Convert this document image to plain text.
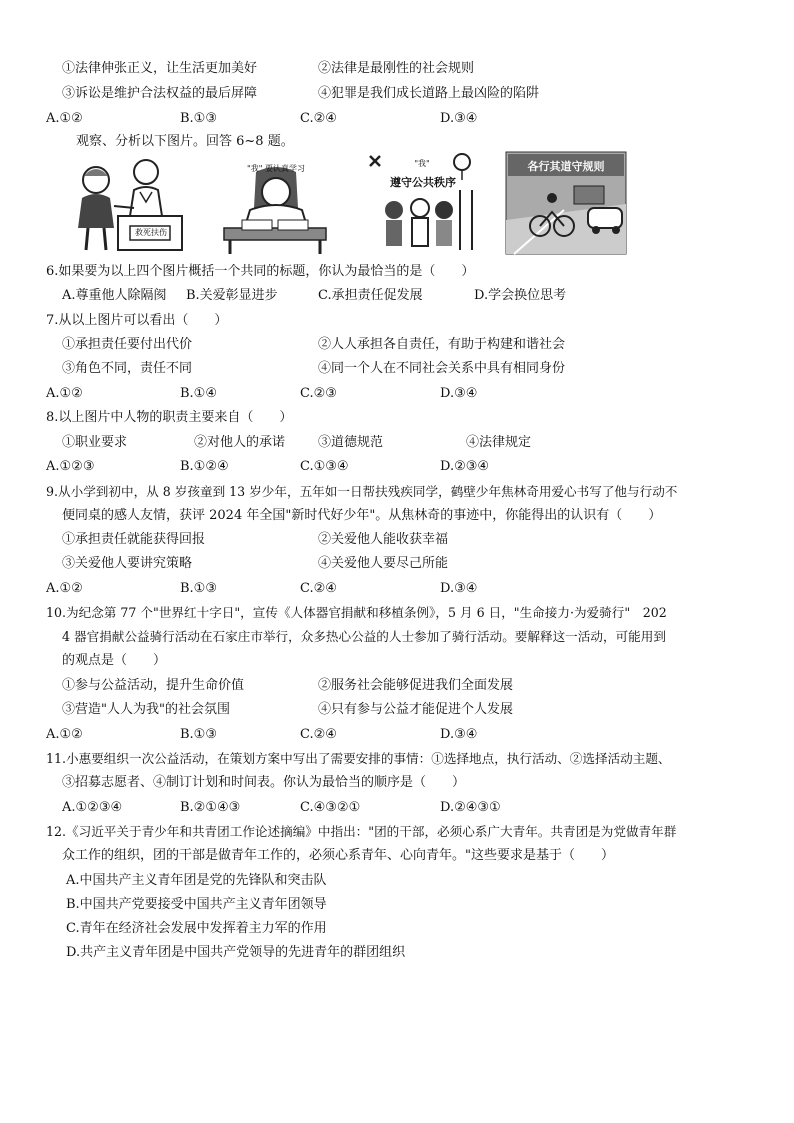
①法律伸张正义，让生活更加美好	②法律是最刚性的社会规则
③诉讼是维护合法权益的最后屏障	④犯罪是我们成长道路上最凶险的陷阱
A.①②	B.①③	C.②④	D.③④
观察、分析以下图片。回答 6~8 题。
救死扶伤
"我" 要认真学习
"我"
遵守公共秩序
各行其道守规则
6.如果要为以上四个图片概括一个共同的标题，你认为最恰当的是（　　）
A.尊重他人除隔阂 B.关爱彰显进步	C.承担责任促发展	D.学会换位思考
7.从以上图片可以看出（　　）
①承担责任要付出代价	②人人承担各自责任，有助于构建和谐社会
③角色不同，责任不同	④同一个人在不同社会关系中具有相同身份
A.①②	B.①④	C.②③	D.③④
8.以上图片中人物的职责主要来自（　　）
①职业要求	②对他人的承诺	③道德规范	④法律规定
A.①②③	B.①②④	C.①③④	D.②③④
9.从小学到初中，从 8 岁孩童到 13 岁少年，五年如一日帮扶残疾同学，鹤壁少年焦林奇用爱心书写了他与行动不
便同桌的感人友情，获评 2024 年全国"新时代好少年"。从焦林奇的事迹中，你能得出的认识有（　　）
①承担责任就能获得回报	②关爱他人能收获幸福
③关爱他人要讲究策略	④关爱他人要尽己所能
A.①②	B.①③	C.②④	D.③④
10.为纪念第 77 个"世界红十字日"，宣传《人体器官捐献和移植条例》，5 月 6 日，"生命接力·为爱骑行"　202
4 器官捐献公益骑行活动在石家庄市举行，众多热心公益的人士参加了骑行活动。要解释这一活动，可能用到
的观点是（　　）
①参与公益活动，提升生命价值	②服务社会能够促进我们全面发展
③营造"人人为我"的社会氛围	④只有参与公益才能促进个人发展
A.①②	B.①③	C.②④	D.③④
11.小惠要组织一次公益活动，在策划方案中写出了需要安排的事情：①选择地点，执行活动、②选择活动主题、
③招募志愿者、④制订计划和时间表。你认为最恰当的顺序是（　　）
A.①②③④	B.②①④③	C.④③②①	D.②④③①
12.《习近平关于青少年和共青团工作论述摘编》中指出："团的干部，必须心系广大青年。共青团是为党做青年群
众工作的组织，团的干部是做青年工作的，必须心系青年、心向青年。"这些要求是基于（　　）
A.中国共产主义青年团是党的先锋队和突击队
B.中国共产党要接受中国共产主义青年团领导
C.青年在经济社会发展中发挥着主力军的作用
D.共产主义青年团是中国共产党领导的先进青年的群团组织
